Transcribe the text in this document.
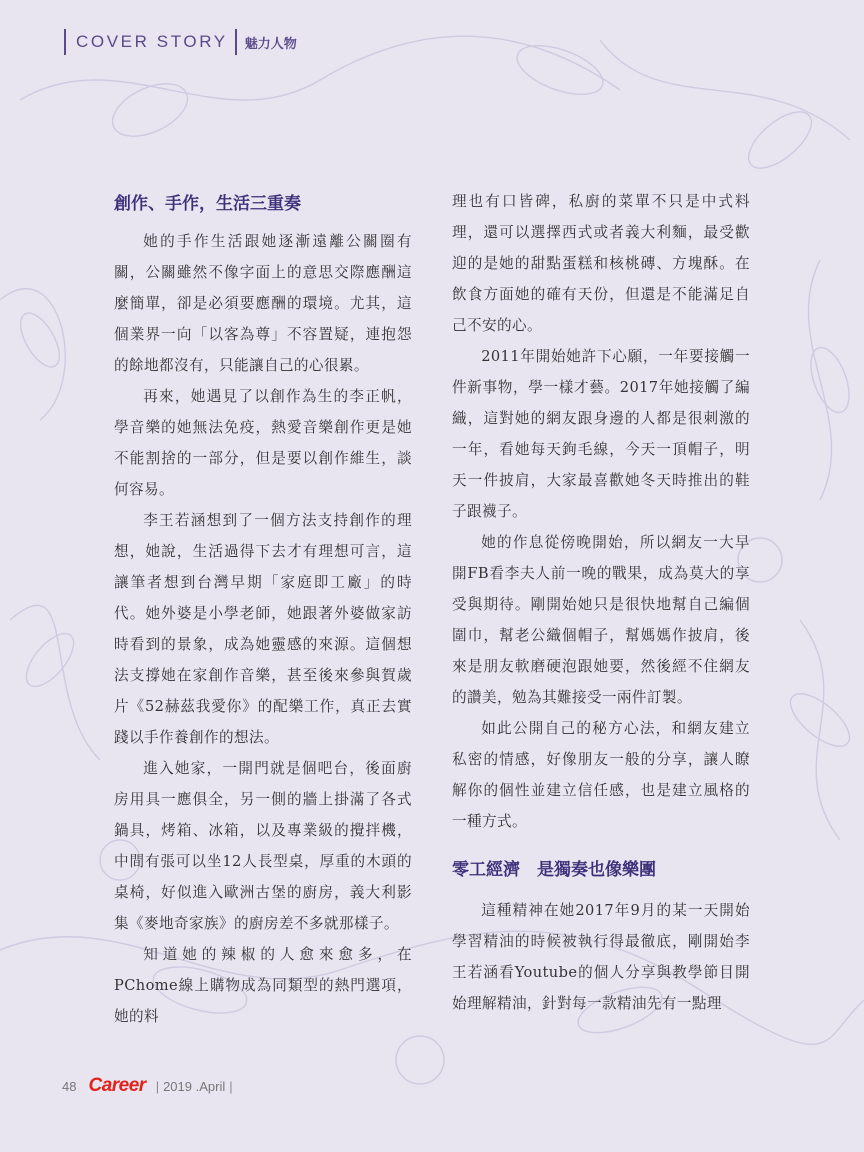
COVER STORY	魅力人物
創作、手作，生活三重奏

她的手作生活跟她逐漸遠離公關圈有關，公關雖然不像字面上的意思交際應酬這麼簡單，卻是必須要應酬的環境。尤其，這個業界一向「以客為尊」不容置疑，連抱怨的餘地都沒有，只能讓自己的心很累。

再來，她遇見了以創作為生的李正帆，學音樂的她無法免疫，熱愛音樂創作更是她不能割捨的一部分，但是要以創作維生，談何容易。

李王若涵想到了一個方法支持創作的理想，她說，生活過得下去才有理想可言，這讓筆者想到台灣早期「家庭即工廠」的時代。她外婆是小學老師，她跟著外婆做家訪時看到的景象，成為她靈感的來源。這個想法支撐她在家創作音樂，甚至後來參與賀歲片《52赫茲我愛你》的配樂工作，真正去實踐以手作養創作的想法。

進入她家，一開門就是個吧台，後面廚房用具一應俱全，另一側的牆上掛滿了各式鍋具，烤箱、冰箱，以及專業級的攪拌機，中間有張可以坐12人長型桌，厚重的木頭的桌椅，好似進入歐洲古堡的廚房，義大利影集《麥地奇家族》的廚房差不多就那樣子。

知道她的辣椒的人愈來愈多，在PChome線上購物成為同類型的熱門選項，她的料

理也有口皆碑，私廚的菜單不只是中式料理，還可以選擇西式或者義大利麵，最受歡迎的是她的甜點蛋糕和核桃磚、方塊酥。在飲食方面她的確有天份，但還是不能滿足自己不安的心。

2011年開始她許下心願，一年要接觸一件新事物，學一樣才藝。2017年她接觸了編織，這對她的網友跟身邊的人都是很刺激的一年，看她每天鉤毛線，今天一頂帽子，明天一件披肩，大家最喜歡她冬天時推出的鞋子跟襪子。

她的作息從傍晚開始，所以網友一大早開FB看李夫人前一晚的戰果，成為莫大的享受與期待。剛開始她只是很快地幫自己編個圍巾，幫老公織個帽子，幫媽媽作披肩，後來是朋友軟磨硬泡跟她要，然後經不住網友的讚美，勉為其難接受一兩件訂製。

如此公開自己的秘方心法，和網友建立私密的情感，好像朋友一般的分享，讓人瞭解你的個性並建立信任感，也是建立風格的一種方式。

零工經濟　是獨奏也像樂團

這種精神在她2017年9月的某一天開始學習精油的時候被執行得最徹底，剛開始李王若涵看Youtube的個人分享與教學節目開始理解精油，針對每一款精油先有一點理

48 Career | 2019 .April |
